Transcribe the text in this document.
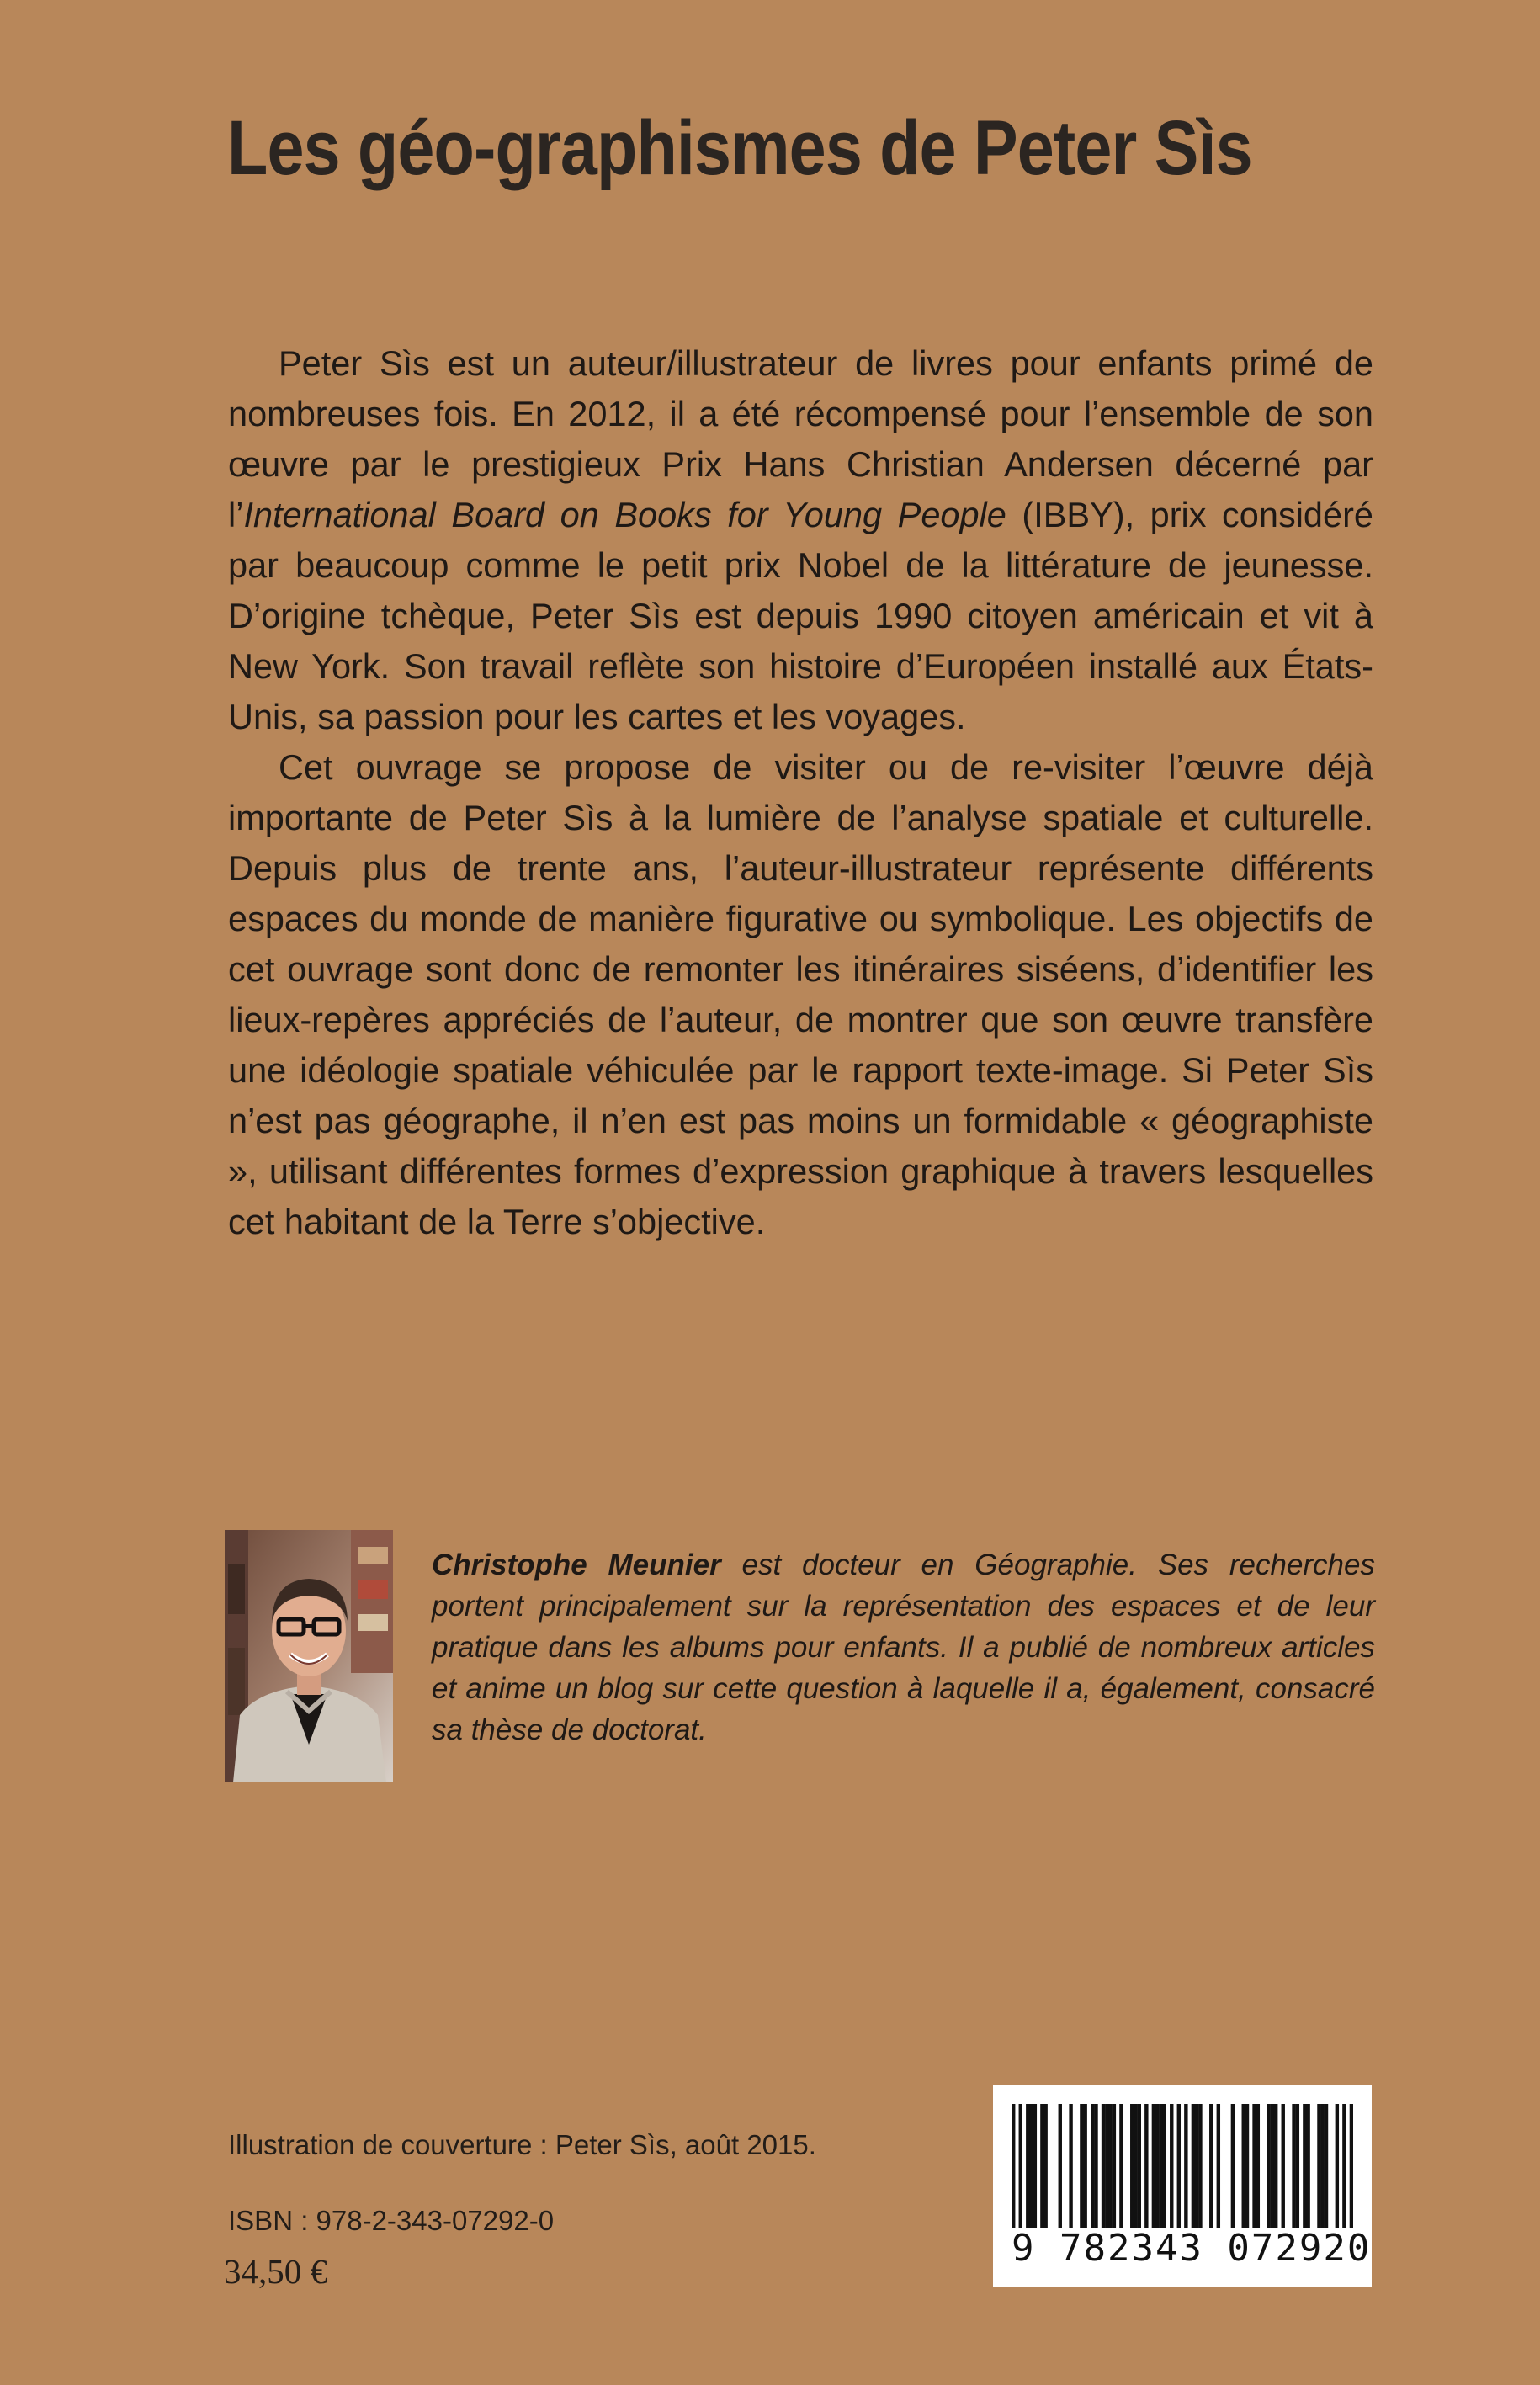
Les géo-graphismes de Peter Sìs

Peter Sìs est un auteur/illustrateur de livres pour enfants primé de nombreuses fois. En 2012, il a été récompensé pour l’ensemble de son œuvre par le prestigieux Prix Hans Christian Andersen décerné par l’International Board on Books for Young People (IBBY), prix considéré par beaucoup comme le petit prix Nobel de la littérature de jeunesse. D’origine tchèque, Peter Sìs est depuis 1990 citoyen américain et vit à New York. Son travail reflète son histoire d’Européen installé aux États-Unis, sa passion pour les cartes et les voyages.

Cet ouvrage se propose de visiter ou de re-visiter l’œuvre déjà importante de Peter Sìs à la lumière de l’analyse spatiale et culturelle. Depuis plus de trente ans, l’auteur-illustrateur représente différents espaces du monde de manière figurative ou symbolique. Les objectifs de cet ouvrage sont donc de remonter les itinéraires siséens, d’identifier les lieux-repères appréciés de l’auteur, de montrer que son œuvre transfère une idéologie spatiale véhiculée par le rapport texte-image. Si Peter Sìs n’est pas géographe, il n’en est pas moins un formidable « géographiste », utilisant différentes formes d’expression graphique à travers lesquelles cet habitant de la Terre s’objective.

Christophe Meunier est docteur en Géographie. Ses recherches portent principalement sur la représentation des espaces et de leur pratique dans les albums pour enfants. Il a publié de nombreux articles et anime un blog sur cette question à laquelle il a, également, consacré sa thèse de doctorat.

Illustration de couverture : Peter Sìs, août 2015.

ISBN : 978-2-343-07292-0

34,50 €

9 782343 072920
